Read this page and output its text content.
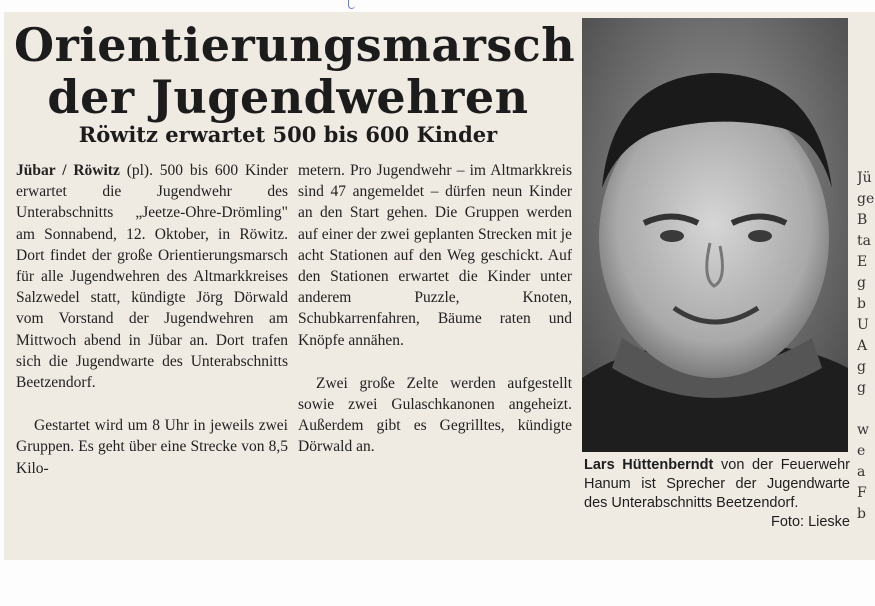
Orientierungsmarsch
der Jugendwehren
Röwitz erwartet 500 bis 600 Kinder

Jübar / Röwitz (pl). 500 bis 600 Kinder erwartet die Jugendwehr des Unterabschnitts „Jeetze-Ohre-Drömling" am Sonnabend, 12. Oktober, in Röwitz. Dort findet der große Orientierungsmarsch für alle Jugendwehren des Altmarkkreises Salzwedel statt, kündigte Jörg Dörwald vom Vorstand der Jugendwehren am Mittwoch abend in Jübar an. Dort trafen sich die Jugendwarte des Unterabschnitts Beetzendorf.

Gestartet wird um 8 Uhr in jeweils zwei Gruppen. Es geht über eine Strecke von 8,5 Kilo-

metern. Pro Jugendwehr – im Altmarkkreis sind 47 angemeldet – dürfen neun Kinder an den Start gehen. Die Gruppen werden auf einer der zwei geplanten Strecken mit je acht Stationen auf den Weg geschickt. Auf den Stationen erwartet die Kinder unter anderem Puzzle, Knoten, Schubkarrenfahren, Bäume raten und Knöpfe annähen.

Zwei große Zelte werden aufgestellt sowie zwei Gulaschkanonen angeheizt. Außerdem gibt es Gegrilltes, kündigte Dörwald an.

Lars Hüttenberndt von der Feuerwehr Hanum ist Sprecher der Jugendwarte des Unterabschnitts Beetzendorf.
Foto: Lieske
Jü
ge
B
ta
E
g
b
U
A
g
g
w
e
a
F
b
